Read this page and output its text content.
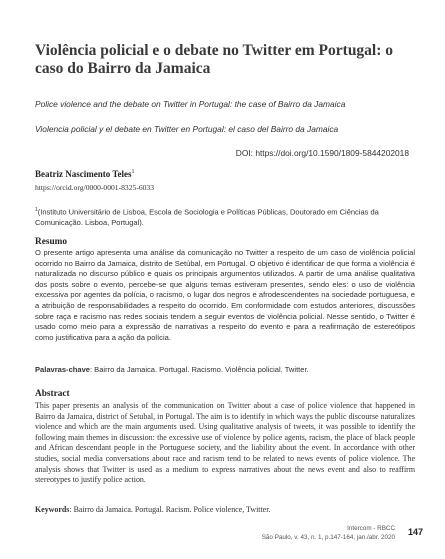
Violência policial e o debate no Twitter em Portugal: o caso do Bairro da Jamaica

Police violence and the debate on Twitter in Portugal: the case of Bairro da Jamaica

Violencia policial y el debate en Twitter en Portugal: el caso del Bairro da Jamaica

DOI: https://doi.org/10.1590/1809-5844202018
Beatriz Nascimento Teles$^1$
https://orcid.org/0000-0001-8325-6033
$^1$(Instituto Universitário de Lisboa, Escola de Sociologia e Políticas Públicas, Doutorado em Ciências da Comunicação. Lisboa, Portugal).
Resumo

O presente artigo apresenta uma análise da comunicação no Twitter a respeito de um caso de violência policial ocorrido no Bairro da Jamaica, distrito de Setúbal, em Portugal. O objetivo é identificar de que forma a violência é naturalizada no discurso público e quais os principais argumentos utilizados. A partir de uma análise qualitativa dos posts sobre o evento, percebe-se que alguns temas estiveram presentes, sendo eles: o uso de violência excessiva por agentes da polícia, o racismo, o lugar dos negros e afrodescendentes na sociedade portuguesa, e a atribuição de responsabilidades a respeito do ocorrido. Em conformidade com estudos anteriores, discussões sobre raça e racismo nas redes sociais tendem a seguir eventos de violência policial. Nesse sentido, o Twitter é usado como meio para a expressão de narrativas a respeito do evento e para a reafirmação de estereótipos como justificativa para a ação da polícia.

Palavras-chave: Bairro da Jamaica. Portugal. Racismo. Violência policial. Twitter.
Abstract

This paper presents an analysis of the communication on Twitter about a case of police violence that happened in Bairro da Jamaica, district of Setubal, in Portugal. The aim is to identify in which ways the public discourse naturalizes violence and which are the main arguments used. Using qualitative analysis of tweets, it was possible to identify the following main themes in discussion: the excessive use of violence by police agents, racism, the place of black people and African descendant people in the Portuguese society, and the liability about the event. In accordance with other studies, social media conversations about race and racism tend to be related to news events of police violence. The analysis shows that Twitter is used as a medium to express narratives about the news event and also to reaffirm stereotypes to justify police action.

Keywords: Bairro da Jamaica. Portugal. Racism. Police violence, Twitter.
Intercom - RBCC
São Paulo, v. 43, n. 1, p.147-164, jan./abr. 2020
147
